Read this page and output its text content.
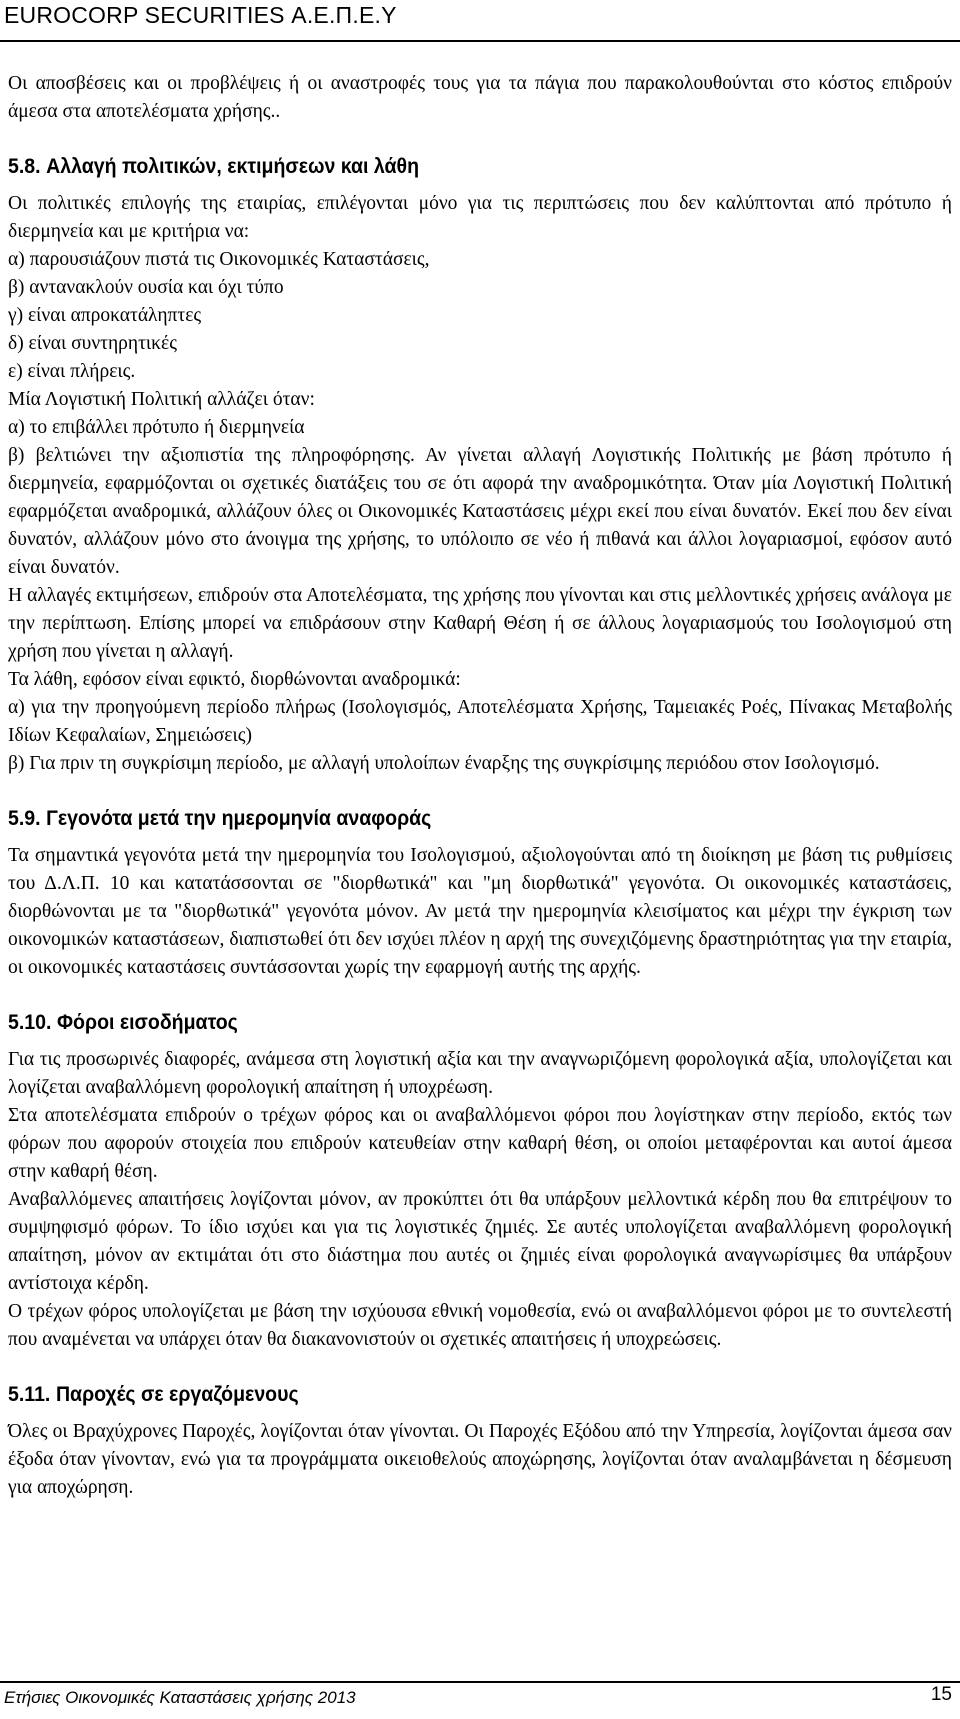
EUROCORP SECURITIES Α.Ε.Π.Ε.Υ

Οι αποσβέσεις και οι προβλέψεις ή οι αναστροφές τους για τα πάγια που παρακολουθούνται στο κόστος επιδρούν άμεσα στα αποτελέσματα χρήσης..

5.8. Αλλαγή πολιτικών, εκτιμήσεων και λάθη

Οι πολιτικές επιλογής της εταιρίας, επιλέγονται μόνο για τις περιπτώσεις που δεν καλύπτονται από πρότυπο ή διερμηνεία και με κριτήρια να:

α) παρουσιάζουν πιστά τις Οικονομικές Καταστάσεις,

β) αντανακλούν ουσία και όχι τύπο

γ) είναι απροκατάληπτες

δ) είναι συντηρητικές

ε) είναι πλήρεις.

Μία Λογιστική Πολιτική αλλάζει όταν:

α) το επιβάλλει πρότυπο ή διερμηνεία

β) βελτιώνει την αξιοπιστία της πληροφόρησης. Αν γίνεται αλλαγή Λογιστικής Πολιτικής με βάση πρότυπο ή διερμηνεία, εφαρμόζονται οι σχετικές διατάξεις του σε ότι αφορά την αναδρομικότητα. Όταν μία Λογιστική Πολιτική εφαρμόζεται αναδρομικά, αλλάζουν όλες οι Οικονομικές Καταστάσεις μέχρι εκεί που είναι δυνατόν. Εκεί που δεν είναι δυνατόν, αλλάζουν μόνο στο άνοιγμα της χρήσης, το υπόλοιπο σε νέο ή πιθανά και άλλοι λογαριασμοί, εφόσον αυτό είναι δυνατόν.

Η αλλαγές εκτιμήσεων, επιδρούν στα Αποτελέσματα, της χρήσης που γίνονται και στις μελλοντικές χρήσεις ανάλογα με την περίπτωση. Επίσης μπορεί να επιδράσουν στην Καθαρή Θέση ή σε άλλους λογαριασμούς του Ισολογισμού στη χρήση που γίνεται η αλλαγή.

Τα λάθη, εφόσον είναι εφικτό, διορθώνονται αναδρομικά:

α) για την προηγούμενη περίοδο πλήρως (Ισολογισμός, Αποτελέσματα Χρήσης, Ταμειακές Ροές, Πίνακας Μεταβολής Ιδίων Κεφαλαίων, Σημειώσεις)

β) Για πριν τη συγκρίσιμη περίοδο, με αλλαγή υπολοίπων έναρξης της συγκρίσιμης περιόδου στον Ισολογισμό.

5.9. Γεγονότα μετά την ημερομηνία αναφοράς

Τα σημαντικά γεγονότα μετά την ημερομηνία του Ισολογισμού, αξιολογούνται από τη διοίκηση με βάση τις ρυθμίσεις του Δ.Λ.Π. 10 και κατατάσσονται σε "διορθωτικά" και "μη διορθωτικά" γεγονότα. Οι οικονομικές καταστάσεις, διορθώνονται με τα "διορθωτικά" γεγονότα μόνον. Αν μετά την ημερομηνία κλεισίματος και μέχρι την έγκριση των οικονομικών καταστάσεων, διαπιστωθεί ότι δεν ισχύει πλέον η αρχή της συνεχιζόμενης δραστηριότητας για την εταιρία, οι οικονομικές καταστάσεις συντάσσονται χωρίς την εφαρμογή αυτής της αρχής.

5.10. Φόροι εισοδήματος

Για τις προσωρινές διαφορές, ανάμεσα στη λογιστική αξία και την αναγνωριζόμενη φορολογικά αξία, υπολογίζεται και λογίζεται αναβαλλόμενη φορολογική απαίτηση ή υποχρέωση.

Στα αποτελέσματα επιδρούν ο τρέχων φόρος και οι αναβαλλόμενοι φόροι που λογίστηκαν στην περίοδο, εκτός των φόρων που αφορούν στοιχεία που επιδρούν κατευθείαν στην καθαρή θέση, οι οποίοι μεταφέρονται και αυτοί άμεσα στην καθαρή θέση.

Αναβαλλόμενες απαιτήσεις λογίζονται μόνον, αν προκύπτει ότι θα υπάρξουν μελλοντικά κέρδη που θα επιτρέψουν το συμψηφισμό φόρων. Το ίδιο ισχύει και για τις λογιστικές ζημιές. Σε αυτές υπολογίζεται αναβαλλόμενη φορολογική απαίτηση, μόνον αν εκτιμάται ότι στο διάστημα που αυτές οι ζημιές είναι φορολογικά αναγνωρίσιμες θα υπάρξουν αντίστοιχα κέρδη.

Ο τρέχων φόρος υπολογίζεται με βάση την ισχύουσα εθνική νομοθεσία, ενώ οι αναβαλλόμενοι φόροι με το συντελεστή που αναμένεται να υπάρχει όταν θα διακανονιστούν οι σχετικές απαιτήσεις ή υποχρεώσεις.

5.11. Παροχές σε εργαζόμενους

Όλες οι Βραχύχρονες Παροχές, λογίζονται όταν γίνονται. Οι Παροχές Εξόδου από την Υπηρεσία, λογίζονται άμεσα σαν έξοδα όταν γίνονταν, ενώ για τα προγράμματα οικειοθελούς αποχώρησης, λογίζονται όταν αναλαμβάνεται η δέσμευση για αποχώρηση.

Ετήσιες Οικονομικές Καταστάσεις χρήσης 2013	15
